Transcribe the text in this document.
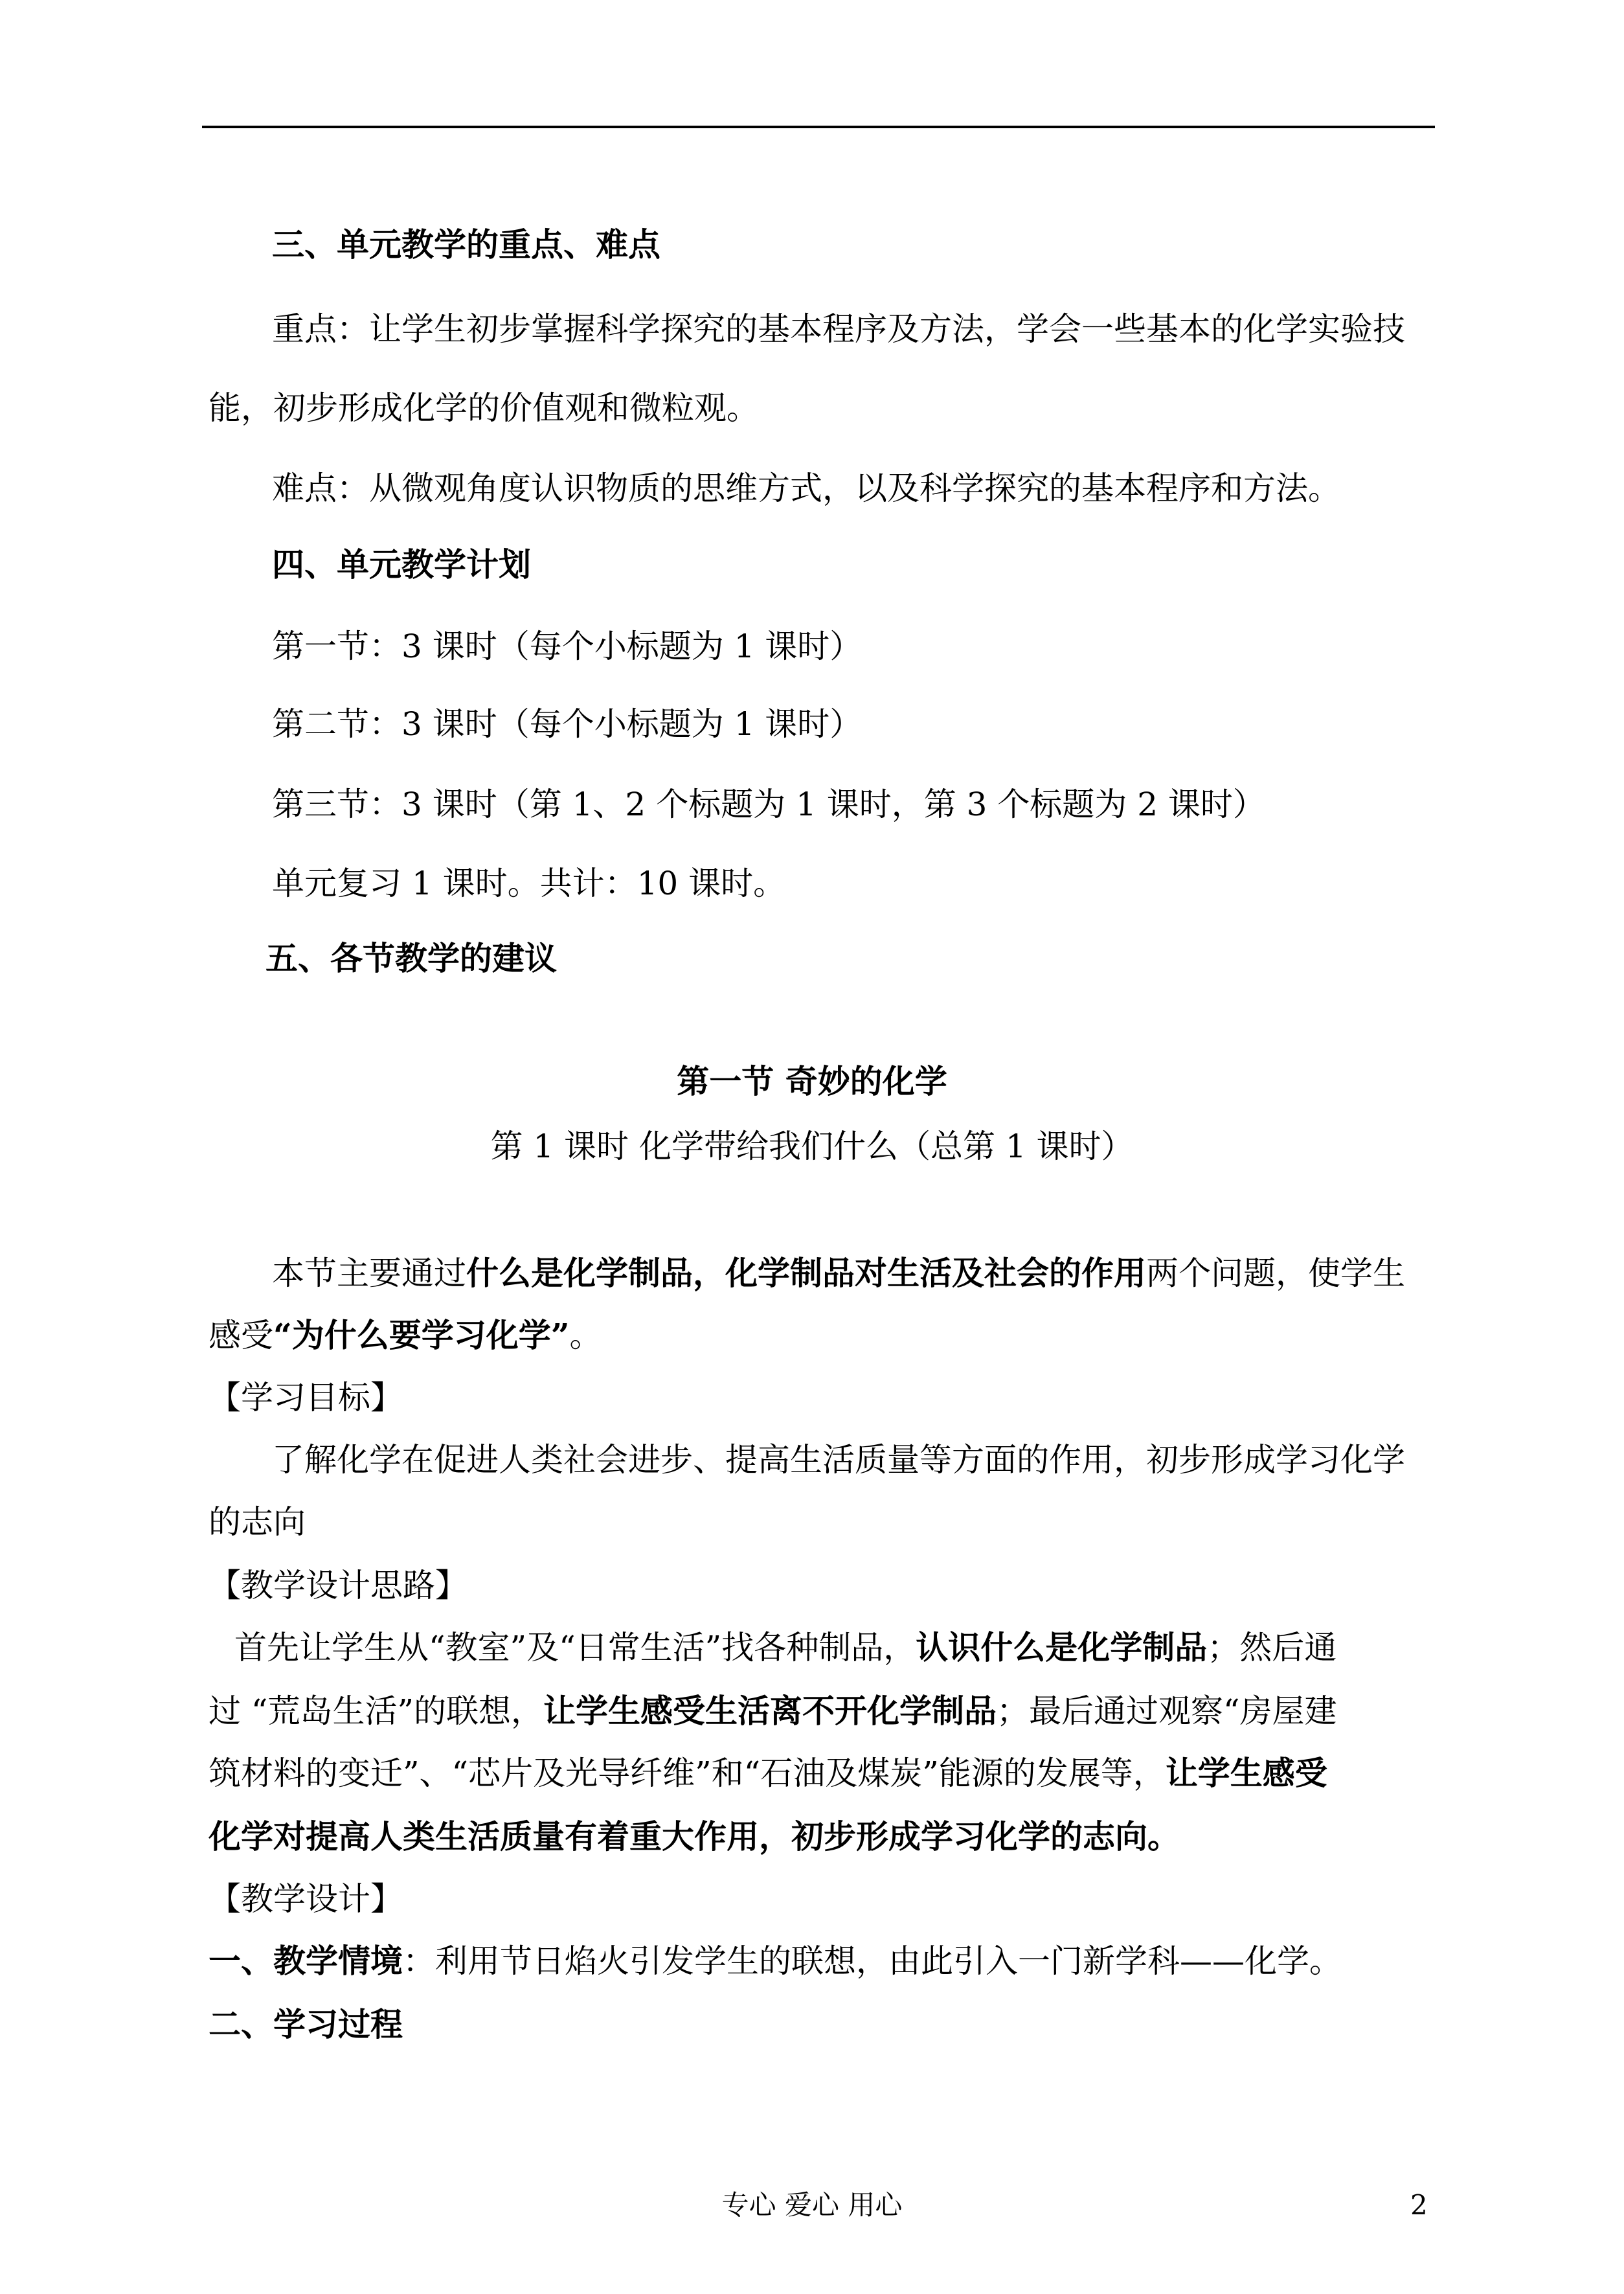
三、单元教学的重点、难点
重点：让学生初步掌握科学探究的基本程序及方法，学会一些基本的化学实验技
能，初步形成化学的价值观和微粒观。
难点：从微观角度认识物质的思维方式，以及科学探究的基本程序和方法。
四、单元教学计划
第一节：3 课时（每个小标题为 1 课时）
第二节：3 课时（每个小标题为 1 课时）
第三节：3 课时（第 1、2 个标题为 1 课时，第 3 个标题为 2 课时）
单元复习 1 课时。共计：10 课时。
五、各节教学的建议
第一节 奇妙的化学
第 1 课时 化学带给我们什么（总第 1 课时）
本节主要通过什么是化学制品，化学制品对生活及社会的作用两个问题，使学生
感受“为什么要学习化学”。
【学习目标】
了解化学在促进人类社会进步、提高生活质量等方面的作用，初步形成学习化学
的志向
【教学设计思路】
首先让学生从“教室”及“日常生活”找各种制品，认识什么是化学制品；然后通
过 “荒岛生活”的联想，让学生感受生活离不开化学制品；最后通过观察“房屋建
筑材料的变迁”、“芯片及光导纤维”和“石油及煤炭”能源的发展等，让学生感受
化学对提高人类生活质量有着重大作用，初步形成学习化学的志向。
【教学设计】
一、教学情境：利用节日焰火引发学生的联想，由此引入一门新学科——化学。
二、学习过程
专心 爱心 用心	2
